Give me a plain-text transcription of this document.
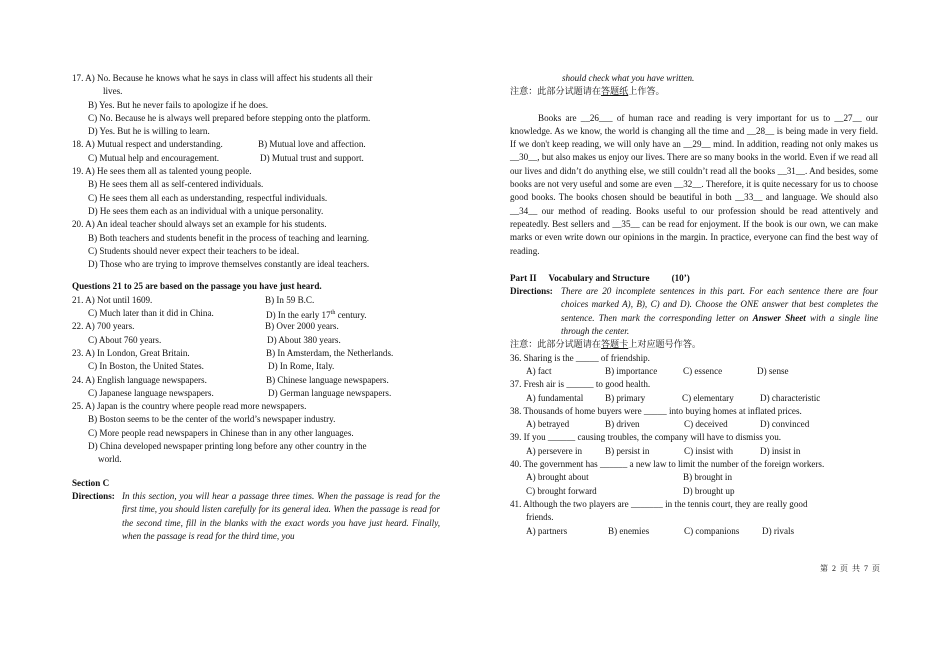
17. A) No. Because he knows what he says in class will affect his students all their
lives.
B) Yes. But he never fails to apologize if he does.
C) No. Because he is always well prepared before stepping onto the platform.
D) Yes. But he is willing to learn.
18. A) Mutual respect and understanding.	B) Mutual love and affection.
C) Mutual help and encouragement.	D) Mutual trust and support.
19. A) He sees them all as talented young people.
B) He sees them all as self-centered individuals.
C) He sees them all each as understanding, respectful individuals.
D) He sees them each as an individual with a unique personality.
20. A) An ideal teacher should always set an example for his students.
B) Both teachers and students benefit in the process of teaching and learning.
C) Students should never expect their teachers to be ideal.
D) Those who are trying to improve themselves constantly are ideal teachers.
Questions 21 to 25 are based on the passage you have just heard.
21. A) Not until 1609.	B) In 59 B.C.
C) Much later than it did in China.	D) In the early 17th century.
22. A) 700 years.	B) Over 2000 years.
C) About 760 years.	D) About 380 years.
23. A) In London, Great Britain.	B) In Amsterdam, the Netherlands.
C) In Boston, the United States.	D) In Rome, Italy.
24. A) English language newspapers.	B) Chinese language newspapers.
C) Japanese language newspapers.	D) German language newspapers.
25. A) Japan is the country where people read more newspapers.
B) Boston seems to be the center of the world’s newspaper industry.
C) More people read newspapers in Chinese than in any other languages.
D) China developed newspaper printing long before any other country in the
world.
Section C
Directions: In this section, you will hear a passage three times. When the passage is read for the first time, you should listen carefully for its general idea. When the passage is read for the second time, fill in the blanks with the exact words you have just heard. Finally, when the passage is read for the third time, you
should check what you have written.
注意：此部分试题请在答题纸上作答。
Books are __26___ of human race and reading is very important for us to __27__ our knowledge. As we know, the world is changing all the time and __28__ is being made in very field. If we don't keep reading, we will only have an __29__ mind. In addition, reading not only makes us __30__, but also makes us enjoy our lives. There are so many books in the world. Even if we read all our lives and didn’t do anything else, we still couldn’t read all the books __31__. And besides, some books are not very useful and some are even __32__. Therefore, it is quite necessary for us to choose good books. The books chosen should be beautiful in both __33__ and language. We should also __34__ our method of reading. Books useful to our profession should be read attentively and repeatedly. Best sellers and __35__ can be read for enjoyment. If the book is our own, we can make marks or even write down our opinions in the margin. In practice, everyone can find the best way of reading.
Part II Vocabulary and Structure (10’)
Directions: There are 20 incomplete sentences in this part. For each sentence there are four choices marked A), B), C) and D). Choose the ONE answer that best completes the sentence. Then mark the corresponding letter on Answer Sheet with a single line through the center.
注意：此部分试题请在答题卡上对应题号作答。
36. Sharing is the _____ of friendship.
A) fact	B) importance	C) essence	D) sense
37. Fresh air is ______ to good health.
A) fundamental	B) primary	C) elementary	D) characteristic
38. Thousands of home buyers were _____ into buying homes at inflated prices.
A) betrayed	B) driven	C) deceived	D) convinced
39. If you ______ causing troubles, the company will have to dismiss you.
A) persevere in	B) persist in	C) insist with	D) insist in
40. The government has ______ a new law to limit the number of the foreign workers.
A) brought about	B) brought in
C) brought forward	D) brought up
41. Although the two players are _______ in the tennis court, they are really good
friends.
A) partners	B) enemies	C) companions	D) rivals
第 2 页 共 7 页
